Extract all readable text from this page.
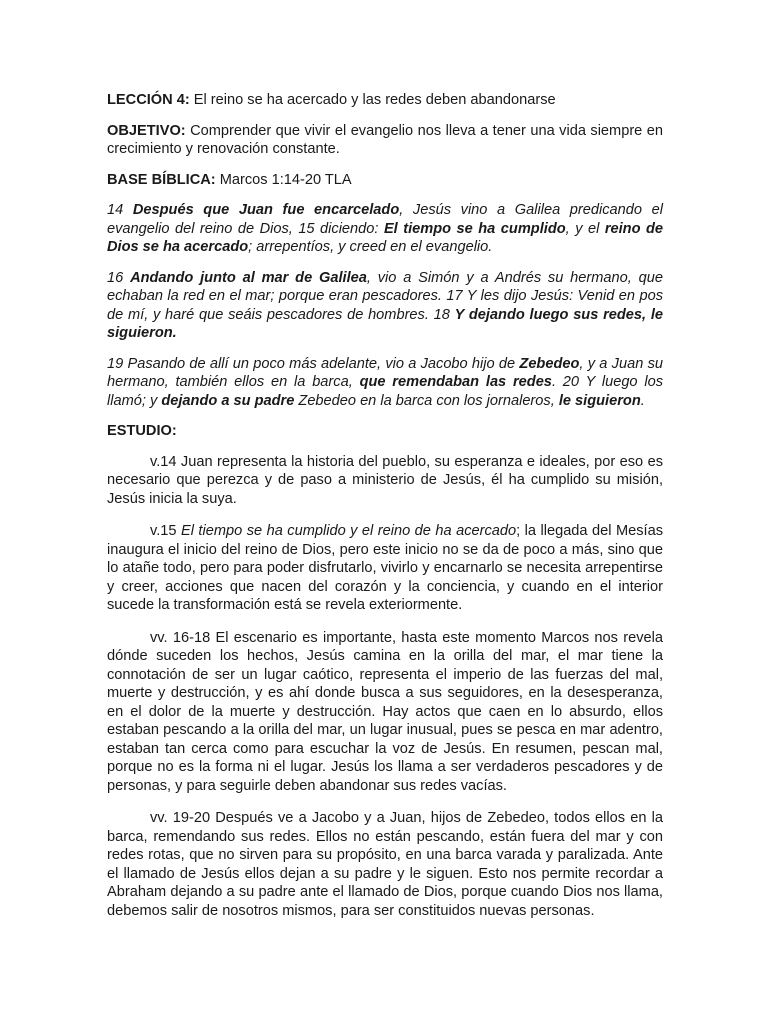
LECCIÓN 4: El reino se ha acercado y las redes deben abandonarse

OBJETIVO: Comprender que vivir el evangelio nos lleva a tener una vida siempre en crecimiento y renovación constante.

BASE BÍBLICA: Marcos 1:14-20 TLA

14 Después que Juan fue encarcelado, Jesús vino a Galilea predicando el evangelio del reino de Dios, 15 diciendo: El tiempo se ha cumplido, y el reino de Dios se ha acercado; arrepentíos, y creed en el evangelio.

16 Andando junto al mar de Galilea, vio a Simón y a Andrés su hermano, que echaban la red en el mar; porque eran pescadores. 17 Y les dijo Jesús: Venid en pos de mí, y haré que seáis pescadores de hombres. 18 Y dejando luego sus redes, le siguieron.

19 Pasando de allí un poco más adelante, vio a Jacobo hijo de Zebedeo, y a Juan su hermano, también ellos en la barca, que remendaban las redes. 20 Y luego los llamó; y dejando a su padre Zebedeo en la barca con los jornaleros, le siguieron.

ESTUDIO:

v.14 Juan representa la historia del pueblo, su esperanza e ideales, por eso es necesario que perezca y de paso a ministerio de Jesús, él ha cumplido su misión, Jesús inicia la suya.

v.15 El tiempo se ha cumplido y el reino de ha acercado; la llegada del Mesías inaugura el inicio del reino de Dios, pero este inicio no se da de poco a más, sino que lo atañe todo, pero para poder disfrutarlo, vivirlo y encarnarlo se necesita arrepentirse y creer, acciones que nacen del corazón y la conciencia, y cuando en el interior sucede la transformación está se revela exteriormente.

vv. 16-18 El escenario es importante, hasta este momento Marcos nos revela dónde suceden los hechos, Jesús camina en la orilla del mar, el mar tiene la connotación de ser un lugar caótico, representa el imperio de las fuerzas del mal, muerte y destrucción, y es ahí donde busca a sus seguidores, en la desesperanza, en el dolor de la muerte y destrucción. Hay actos que caen en lo absurdo, ellos estaban pescando a la orilla del mar, un lugar inusual, pues se pesca en mar adentro, estaban tan cerca como para escuchar la voz de Jesús. En resumen, pescan mal, porque no es la forma ni el lugar. Jesús los llama a ser verdaderos pescadores y de personas, y para seguirle deben abandonar sus redes vacías.

vv. 19-20 Después ve a Jacobo y a Juan, hijos de Zebedeo, todos ellos en la barca, remendando sus redes. Ellos no están pescando, están fuera del mar y con redes rotas, que no sirven para su propósito, en una barca varada y paralizada. Ante el llamado de Jesús ellos dejan a su padre y le siguen. Esto nos permite recordar a Abraham dejando a su padre ante el llamado de Dios, porque cuando Dios nos llama, debemos salir de nosotros mismos, para ser constituidos nuevas personas.
